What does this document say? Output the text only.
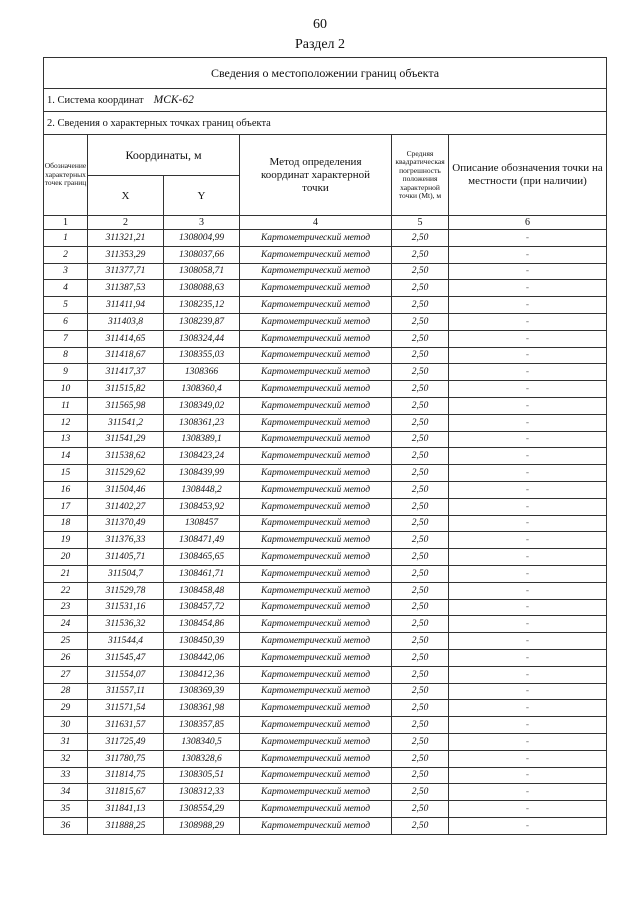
60
Раздел 2
Сведения о местоположении границ объекта					
1. Система координат МСК-62					
2. Сведения о характерных точках границ объекта					
Обозначение характерных точек границ	Координаты, м		Метод определения координат характерной точки	Средняя квадратическая погрешность положения характерной точки (Мt), м	Описание обозначения точки на местности (при наличии)
	X	Y			
1	2	3	4	5	6
1	311321,21	1308004,99	Картометрический метод	2,50	-
2	311353,29	1308037,66	Картометрический метод	2,50	-
3	311377,71	1308058,71	Картометрический метод	2,50	-
4	311387,53	1308088,63	Картометрический метод	2,50	-
5	311411,94	1308235,12	Картометрический метод	2,50	-
6	311403,8	1308239,87	Картометрический метод	2,50	-
7	311414,65	1308324,44	Картометрический метод	2,50	-
8	311418,67	1308355,03	Картометрический метод	2,50	-
9	311417,37	1308366	Картометрический метод	2,50	-
10	311515,82	1308360,4	Картометрический метод	2,50	-
11	311565,98	1308349,02	Картометрический метод	2,50	-
12	311541,2	1308361,23	Картометрический метод	2,50	-
13	311541,29	1308389,1	Картометрический метод	2,50	-
14	311538,62	1308423,24	Картометрический метод	2,50	-
15	311529,62	1308439,99	Картометрический метод	2,50	-
16	311504,46	1308448,2	Картометрический метод	2,50	-
17	311402,27	1308453,92	Картометрический метод	2,50	-
18	311370,49	1308457	Картометрический метод	2,50	-
19	311376,33	1308471,49	Картометрический метод	2,50	-
20	311405,71	1308465,65	Картометрический метод	2,50	-
21	311504,7	1308461,71	Картометрический метод	2,50	-
22	311529,78	1308458,48	Картометрический метод	2,50	-
23	311531,16	1308457,72	Картометрический метод	2,50	-
24	311536,32	1308454,86	Картометрический метод	2,50	-
25	311544,4	1308450,39	Картометрический метод	2,50	-
26	311545,47	1308442,06	Картометрический метод	2,50	-
27	311554,07	1308412,36	Картометрический метод	2,50	-
28	311557,11	1308369,39	Картометрический метод	2,50	-
29	311571,54	1308361,98	Картометрический метод	2,50	-
30	311631,57	1308357,85	Картометрический метод	2,50	-
31	311725,49	1308340,5	Картометрический метод	2,50	-
32	311780,75	1308328,6	Картометрический метод	2,50	-
33	311814,75	1308305,51	Картометрический метод	2,50	-
34	311815,67	1308312,33	Картометрический метод	2,50	-
35	311841,13	1308554,29	Картометрический метод	2,50	-
36	311888,25	1308988,29	Картометрический метод	2,50	-
